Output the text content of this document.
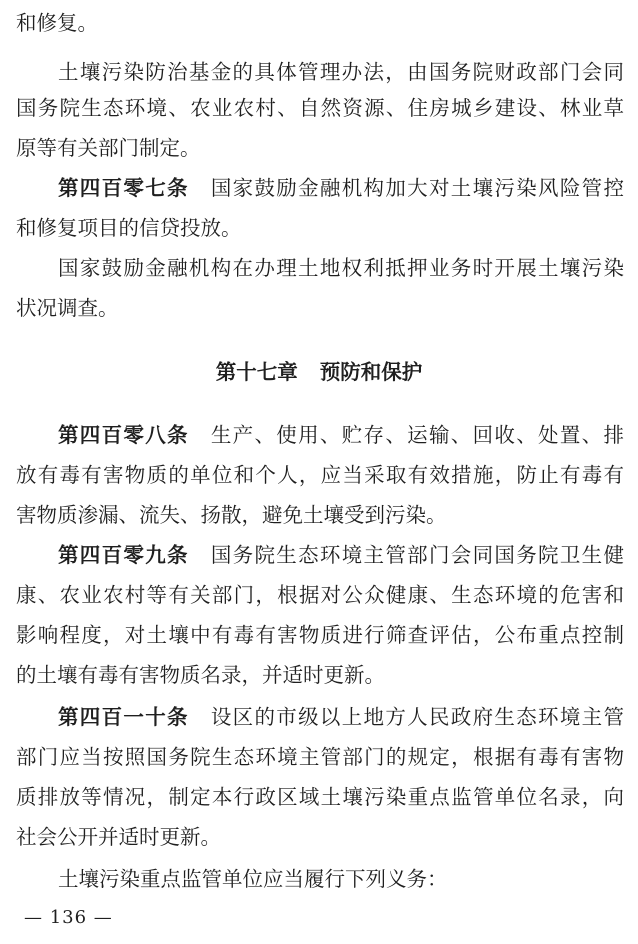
和修复。
土壤污染防治基金的具体管理办法，由国务院财政部门会同
国务院生态环境、农业农村、自然资源、住房城乡建设、林业草
原等有关部门制定。
第四百零七条 国家鼓励金融机构加大对土壤污染风险管控
和修复项目的信贷投放。
国家鼓励金融机构在办理土地权利抵押业务时开展土壤污染
状况调查。
第十七章 预防和保护
第四百零八条 生产、使用、贮存、运输、回收、处置、排
放有毒有害物质的单位和个人，应当采取有效措施，防止有毒有
害物质渗漏、流失、扬散，避免土壤受到污染。
第四百零九条 国务院生态环境主管部门会同国务院卫生健
康、农业农村等有关部门，根据对公众健康、生态环境的危害和
影响程度，对土壤中有毒有害物质进行筛查评估，公布重点控制
的土壤有毒有害物质名录，并适时更新。
第四百一十条 设区的市级以上地方人民政府生态环境主管
部门应当按照国务院生态环境主管部门的规定，根据有毒有害物
质排放等情况，制定本行政区域土壤污染重点监管单位名录，向
社会公开并适时更新。
土壤污染重点监管单位应当履行下列义务：
— 136 —
